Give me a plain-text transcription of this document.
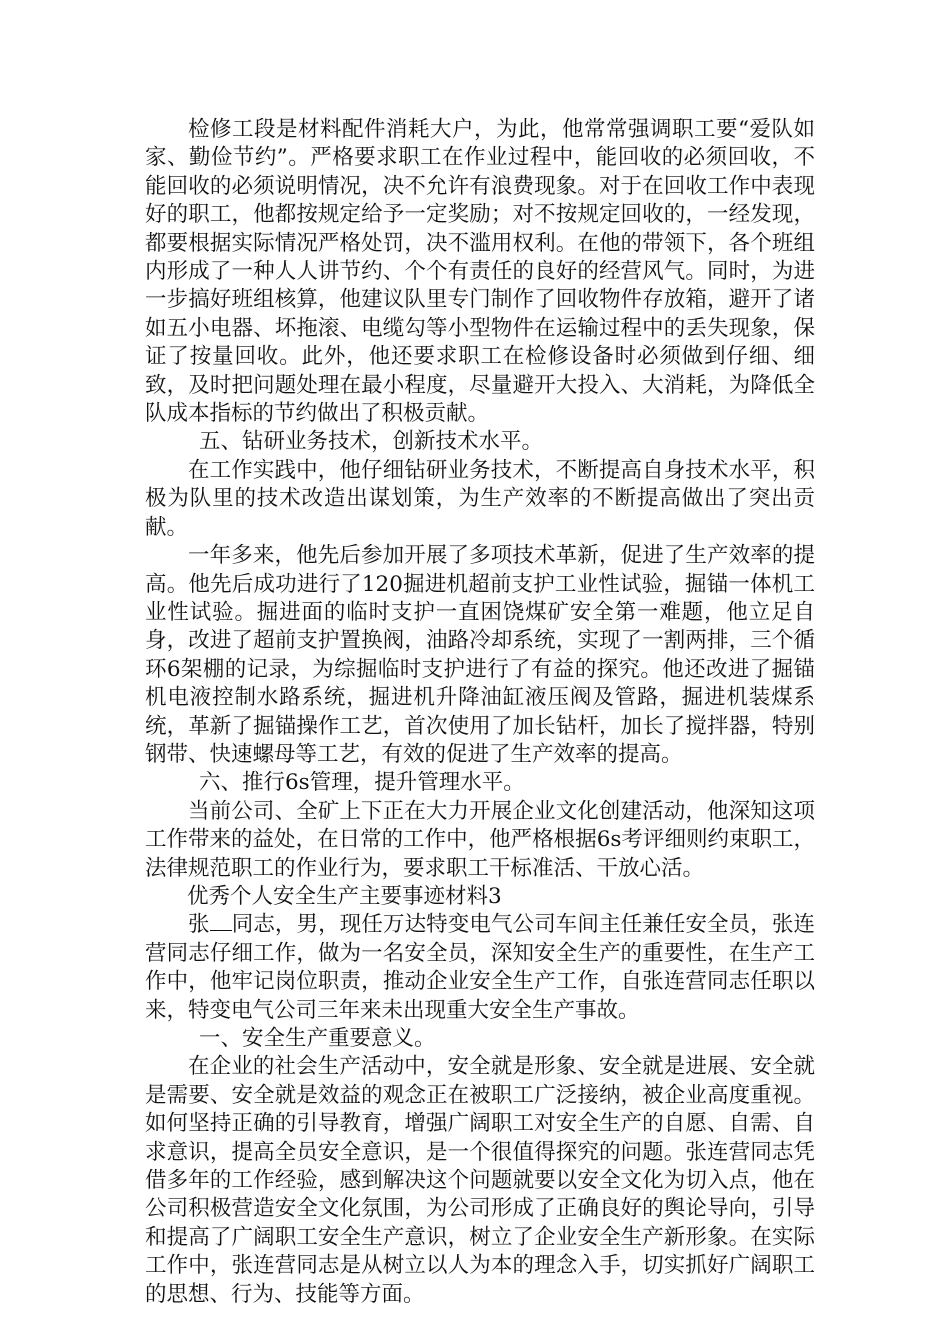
检修工段是材料配件消耗大户，为此，他常常强调职工要“爱队如家、勤俭节约”。严格要求职工在作业过程中，能回收的必须回收，不能回收的必须说明情况，决不允许有浪费现象。对于在回收工作中表现好的职工，他都按规定给予一定奖励；对不按规定回收的，一经发现，都要根据实际情况严格处罚，决不滥用权利。在他的带领下，各个班组内形成了一种人人讲节约、个个有责任的良好的经营风气。同时，为进一步搞好班组核算，他建议队里专门制作了回收物件存放箱，避开了诸如五小电器、坏拖滚、电缆勾等小型物件在运输过程中的丢失现象，保证了按量回收。此外，他还要求职工在检修设备时必须做到仔细、细致，及时把问题处理在最小程度，尽量避开大投入、大消耗，为降低全队成本指标的节约做出了积极贡献。

五、钻研业务技术，创新技术水平。

在工作实践中，他仔细钻研业务技术，不断提高自身技术水平，积极为队里的技术改造出谋划策，为生产效率的不断提高做出了突出贡献。

一年多来，他先后参加开展了多项技术革新，促进了生产效率的提高。他先后成功进行了120掘进机超前支护工业性试验，掘锚一体机工业性试验。掘进面的临时支护一直困饶煤矿安全第一难题，他立足自身，改进了超前支护置换阀，油路冷却系统，实现了一割两排，三个循环6架棚的记录，为综掘临时支护进行了有益的探究。他还改进了掘锚机电液控制水路系统，掘进机升降油缸液压阀及管路，掘进机装煤系统，革新了掘锚操作工艺，首次使用了加长钻杆，加长了搅拌器，特别钢带、快速螺母等工艺，有效的促进了生产效率的提高。

六、推行6s管理，提升管理水平。

当前公司、全矿上下正在大力开展企业文化创建活动，他深知这项工作带来的益处，在日常的工作中，他严格根据6s考评细则约束职工，法律规范职工的作业行为，要求职工干标准活、干放心活。

优秀个人安全生产主要事迹材料3

张 同志，男，现任万达特变电气公司车间主任兼任安全员，张连营同志仔细工作，做为一名安全员，深知安全生产的重要性，在生产工作中，他牢记岗位职责，推动企业安全生产工作，自张连营同志任职以来，特变电气公司三年来未出现重大安全生产事故。

一、安全生产重要意义。

在企业的社会生产活动中，安全就是形象、安全就是进展、安全就是需要、安全就是效益的观念正在被职工广泛接纳，被企业高度重视。如何坚持正确的引导教育，增强广阔职工对安全生产的自愿、自需、自求意识，提高全员安全意识，是一个很值得探究的问题。张连营同志凭借多年的工作经验，感到解决这个问题就要以安全文化为切入点，他在公司积极营造安全文化氛围，为公司形成了正确良好的舆论导向，引导和提高了广阔职工安全生产意识，树立了企业安全生产新形象。在实际工作中，张连营同志是从树立以人为本的理念入手，切实抓好广阔职工的思想、行为、技能等方面。
